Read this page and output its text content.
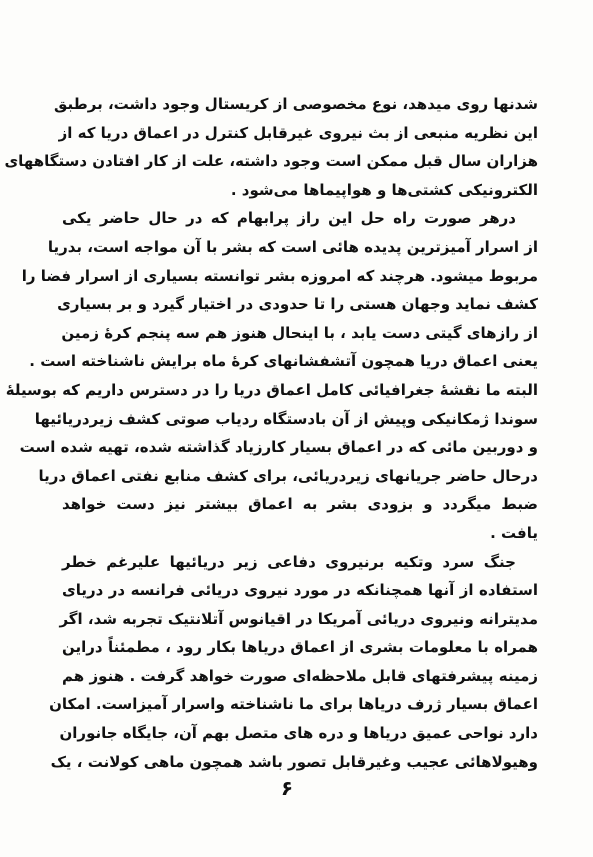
شدنها روی میدهد، نوع مخصوصی از کریستال وجود داشت، برطبق
این نظریه منبعی از بث نیروی غیرقابل کنترل در اعماق دریا که از
هزاران سال قبل ممکن است وجود داشته، علت از کار افتادن دستگاههای
الکترونیکی کشتی‌ها و هواپیماها می‌شود .
درهر صورت راه حل این راز پرابهام که در حال حاضر یکی
از اسرار آمیزترین پدیده هائی است که بشر با آن مواجه است، بدریا
مربوط میشود. هرچند که امروزه بشر توانسته بسیاری از اسرار فضا را
کشف نماید وجهان هستی را تا حدودی در اختیار گیرد و بر بسیاری
از رازهای گیتی دست یابد ، با اینحال هنوز هم سه پنجم کرهٔ زمین
یعنی اعماق دریا همچون آتشفشانهای کرهٔ ماه برایش ناشناخته است .
البته ما نقشهٔ جغرافیائی کامل اعماق دریا را در دسترس داریم که بوسیلهٔ
سوندا ژمکانیکی وپیش از آن بادستگاه ردیاب صوتی کشف زیردریائیها
و دوربین مائی که در اعماق بسیار کارزیاد گذاشته شده، تهیه شده است
درحال حاضر جریانهای زیردریائی، برای کشف منابع نفتی اعماق دریا
ضبط میگردد و بزودی بشر به اعماق بیشتر نیز دست خواهد
یافت .
جنگ سرد وتکیه برنیروی دفاعی زیر دریائیها علیرغم خطر
استفاده از آنها همچنانکه در مورد نیروی دریائی فرانسه در دریای
مدیترانه ونیروی دریائی آمریکا در اقیانوس آتلانتیک تجربه شد، اگر
همراه با معلومات بشری از اعماق دریاها بکار رود ، مطمئناً دراین
زمینه پیشرفتهای قابل ملاحظه‌ای صورت خواهد گرفت . هنوز هم
اعماق بسیار ژرف دریاها برای ما ناشناخته واسرار آمیزاست. امکان
دارد نواحی عمیق دریاها و دره های متصل بهم آن، جایگاه جانوران
وهیولاهائی عجیب وغیرقابل تصور باشد همچون ماهی کولانت ، یک
۶
